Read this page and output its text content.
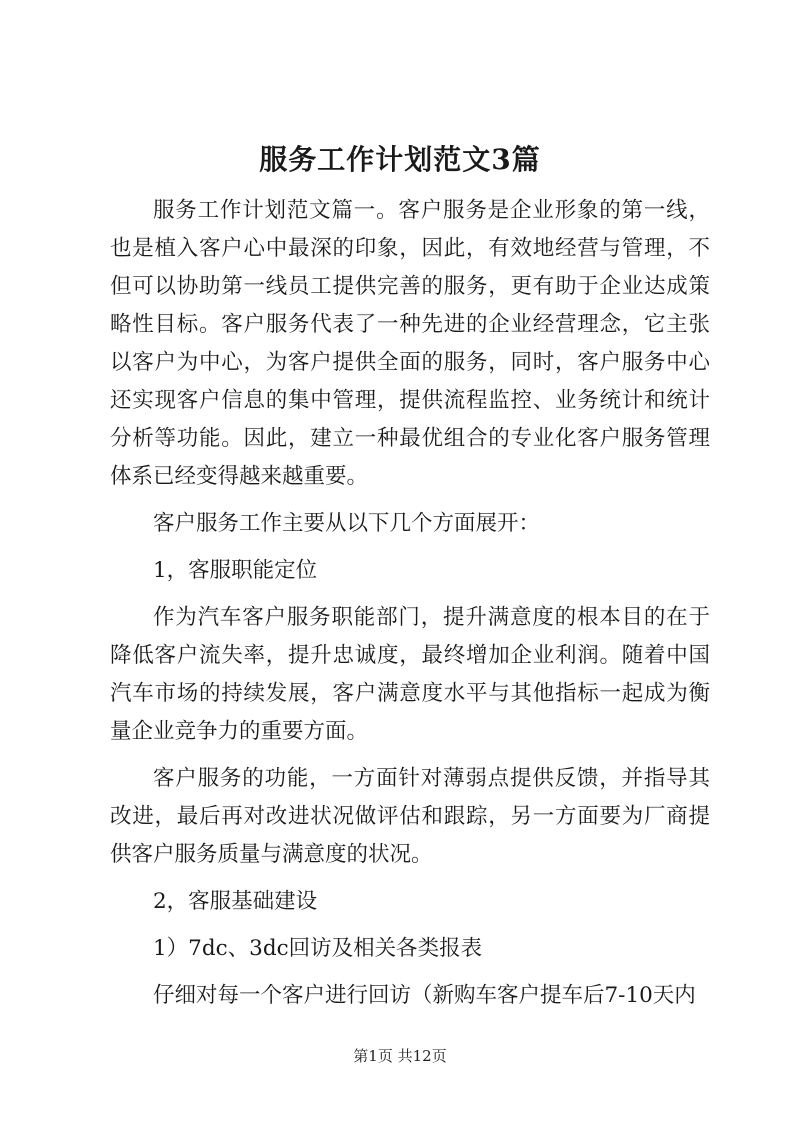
服务工作计划范文3篇

服务工作计划范文篇一。客户服务是企业形象的第一线，也是植入客户心中最深的印象，因此，有效地经营与管理，不但可以协助第一线员工提供完善的服务，更有助于企业达成策略性目标。客户服务代表了一种先进的企业经营理念，它主张以客户为中心，为客户提供全面的服务，同时，客户服务中心还实现客户信息的集中管理，提供流程监控、业务统计和统计分析等功能。因此，建立一种最优组合的专业化客户服务管理体系已经变得越来越重要。

客户服务工作主要从以下几个方面展开：

1，客服职能定位

作为汽车客户服务职能部门，提升满意度的根本目的在于降低客户流失率，提升忠诚度，最终增加企业利润。随着中国汽车市场的持续发展，客户满意度水平与其他指标一起成为衡量企业竞争力的重要方面。

客户服务的功能，一方面针对薄弱点提供反馈，并指导其改进，最后再对改进状况做评估和跟踪，另一方面要为厂商提供客户服务质量与满意度的状况。

2，客服基础建设

1）7dc、3dc回访及相关各类报表

仔细对每一个客户进行回访（新购车客户提车后7-10天内

第1页 共12页
